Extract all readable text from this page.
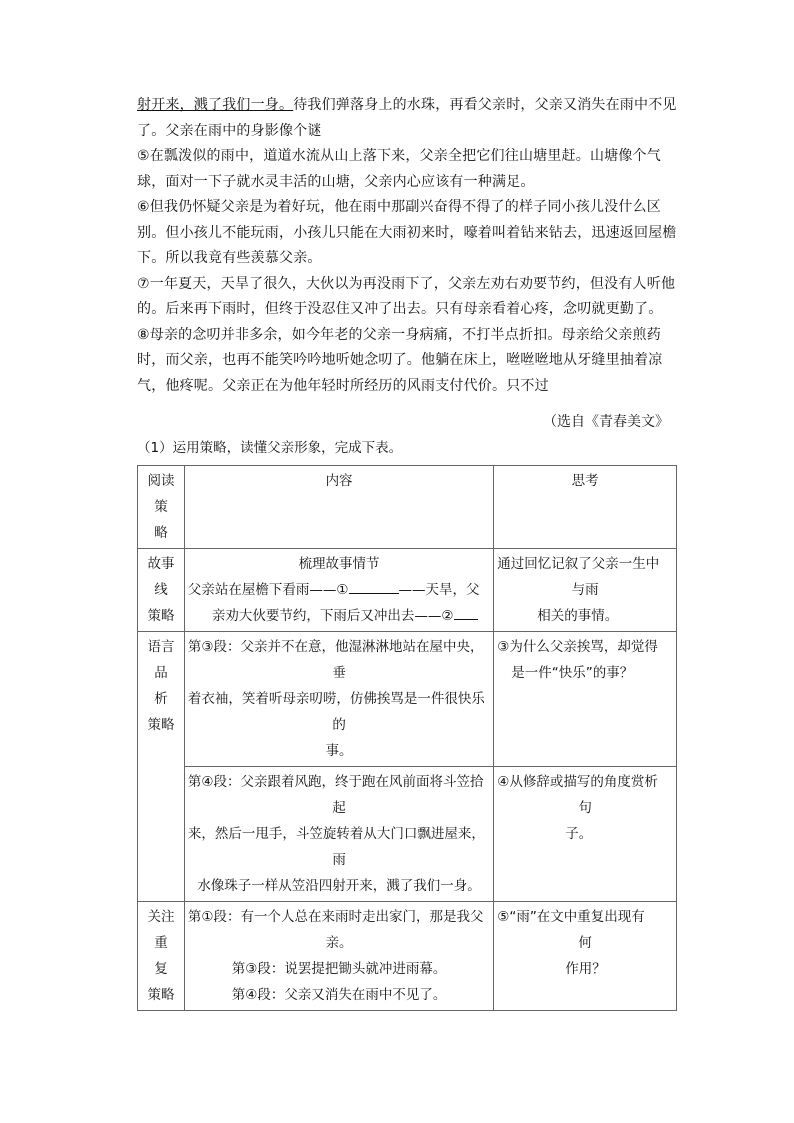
射开来，溅了我们一身。待我们弹落身上的水珠，再看父亲时，父亲又消失在雨中不见了。父亲在雨中的身影像个谜

⑤在瓢泼似的雨中，道道水流从山上落下来，父亲全把它们往山塘里赶。山塘像个气球，面对一下子就水灵丰活的山塘，父亲内心应该有一种满足。

⑥但我仍怀疑父亲是为着好玩，他在雨中那副兴奋得不得了的样子同小孩儿没什么区别。但小孩儿不能玩雨，小孩儿只能在大雨初来时，嚎着叫着钻来钻去，迅速返回屋檐下。所以我竟有些羡慕父亲。

⑦一年夏天，天旱了很久，大伙以为再没雨下了，父亲左劝右劝要节约，但没有人听他的。后来再下雨时，但终于没忍住又冲了出去。只有母亲看着心疼，念叨就更勤了。

⑧母亲的念叨并非多余，如今年老的父亲一身病痛，不打半点折扣。母亲给父亲煎药时，而父亲，也再不能笑吟吟地听她念叨了。他躺在床上，咝咝咝地从牙缝里抽着凉气，他疼呢。父亲正在为他年轻时所经历的风雨支付代价。只不过

（选自《青春美文》
（1）运用策略，读懂父亲形象，完成下表。
阅读策
略	内容	思考

故事线
策略	梳理故事情节
父亲站在屋檐下看雨——① ——天旱，父
亲劝大伙要节约，下雨后又冲出去——②	通过回忆记叙了父亲一生中
与雨
相关的事情。

语言品
析
策略	第③段：父亲并不在意，他湿淋淋地站在屋中央，
垂
着衣袖，笑着听母亲叨唠，仿佛挨骂是一件很快乐
的
事。	③为什么父亲挨骂，却觉得
是一件“快乐”的事？

	第④段：父亲跟着风跑，终于跑在风前面将斗笠拾
起
来，然后一甩手，斗笠旋转着从大门口飘进屋来，
雨
水像珠子一样从笠沿四射开来，溅了我们一身。	④从修辞或描写的角度赏析
句
子。

关注重
复
策略	第①段：有一个人总在来雨时走出家门，那是我父
亲。
第③段：说罢提把锄头就冲进雨幕。
第④段：父亲又消失在雨中不见了。	⑤“雨”在文中重复出现有
何
作用？
